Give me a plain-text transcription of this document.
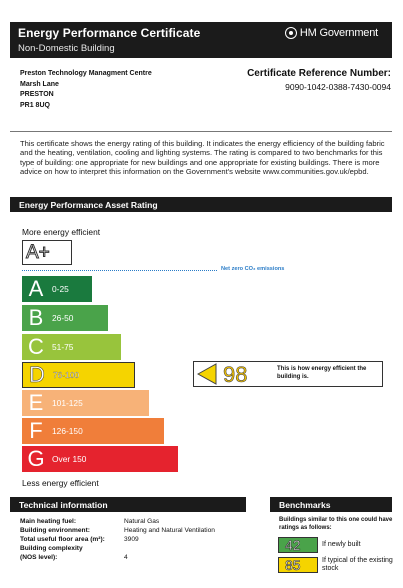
Energy Performance Certificate
Non-Domestic Building
HM Government
Preston Technology Managment Centre
Marsh Lane
PRESTON
PR1 8UQ
Certificate Reference Number:
9090-1042-0388-7430-0094
This certificate shows the energy rating of this building. It indicates the energy efficiency of the building fabric and the heating, ventilation, cooling and lighting systems. The rating is compared to two benchmarks for this type of building: one appropriate for new buildings and one appropriate for existing buildings. There is more advice on how to interpret this information on the Government's website www.communities.gov.uk/epbd.
Energy Performance Asset Rating
More energy efficient
A+
Net zero CO₂ emissions
A	0-25
B	26-50
C 51-75
D 76-100
E	101-125
F	126-150
G Over 150
Less energy efficient
98	This is how energy efficient the building is.
Technical information
Main heating fuel:	Natural Gas
Building environment:	Heating and Natural Ventilation
Total useful floor area (m²):	3909
Building complexity
(NOS level):	4
Benchmarks
Buildings similar to this one could have ratings as follows:
42	If newly built
85	If typical of the existing stock
